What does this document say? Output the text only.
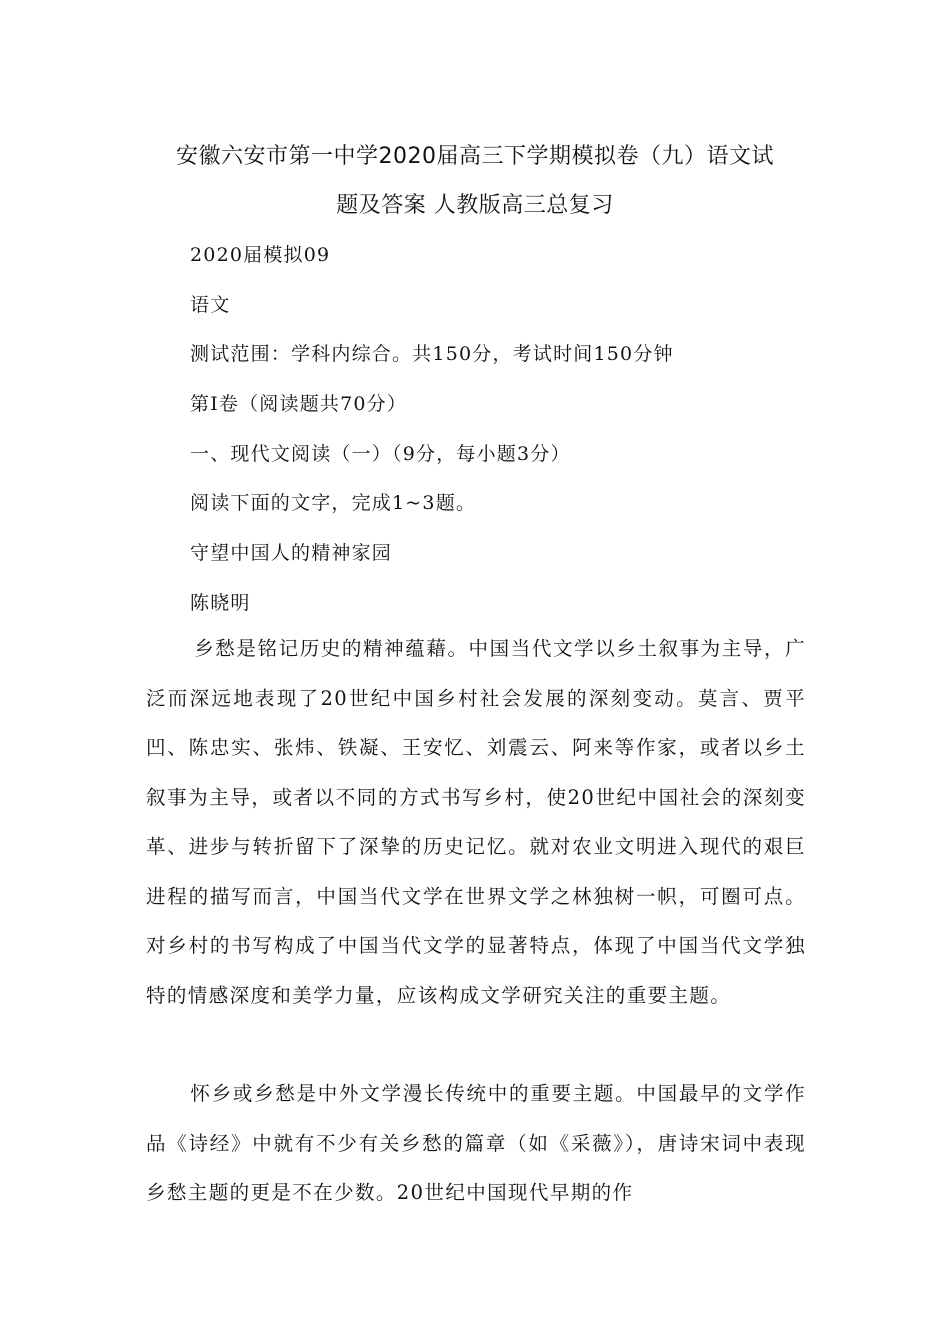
安徽六安市第一中学2020届高三下学期模拟卷（九）语文试
题及答案 人教版高三总复习
2020届模拟09
语文
测试范围：学科内综合。共150分，考试时间150分钟
第Ⅰ卷（阅读题共70分）
一、现代文阅读（一）（9分，每小题3分）
阅读下面的文字，完成1~3题。
守望中国人的精神家园
陈晓明
乡愁是铭记历史的精神蕴藉。中国当代文学以乡土叙事为主导，广泛而深远地表现了20世纪中国乡村社会发展的深刻变动。莫言、贾平凹、陈忠实、张炜、铁凝、王安忆、刘震云、阿来等作家，或者以乡土叙事为主导，或者以不同的方式书写乡村，使20世纪中国社会的深刻变革、进步与转折留下了深挚的历史记忆。就对农业文明进入现代的艰巨进程的描写而言，中国当代文学在世界文学之林独树一帜，可圈可点。对乡村的书写构成了中国当代文学的显著特点，体现了中国当代文学独特的情感深度和美学力量，应该构成文学研究关注的重要主题。
怀乡或乡愁是中外文学漫长传统中的重要主题。中国最早的文学作品《诗经》中就有不少有关乡愁的篇章（如《采薇》），唐诗宋词中表现乡愁主题的更是不在少数。20世纪中国现代早期的作
